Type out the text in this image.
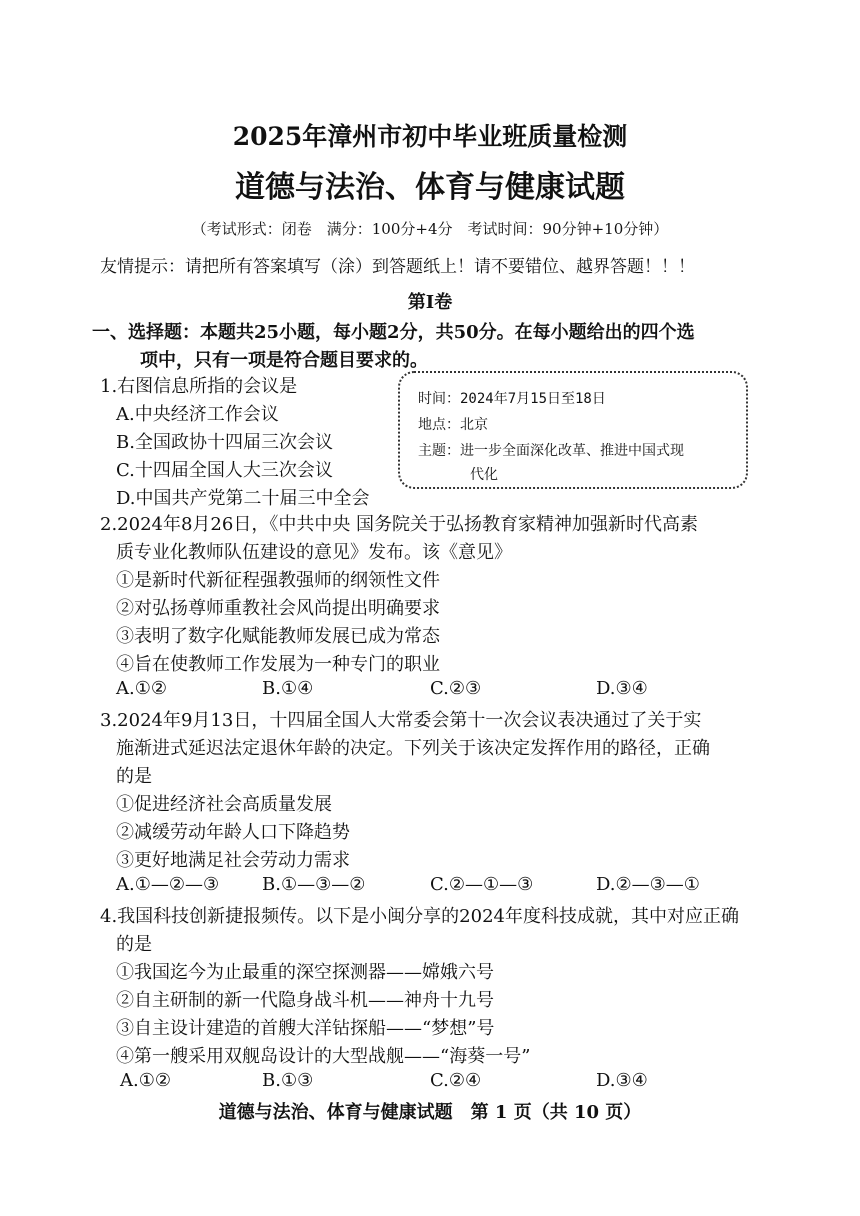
2025年漳州市初中毕业班质量检测
道德与法治、体育与健康试题
（考试形式：闭卷　满分：100分+4分　考试时间：90分钟+10分钟）
友情提示：请把所有答案填写（涂）到答题纸上！请不要错位、越界答题！！！
第Ⅰ卷
一、选择题：本题共25小题，每小题2分，共50分。在每小题给出的四个选
项中，只有一项是符合题目要求的。
1.右图信息所指的会议是
A.中央经济工作会议
B.全国政协十四届三次会议
C.十四届全国人大三次会议
D.中国共产党第二十届三中全会
时间：2024年7月15日至18日
地点：北京
主题：进一步全面深化改革、推进中国式现
代化
2.2024年8月26日，《中共中央 国务院关于弘扬教育家精神加强新时代高素
质专业化教师队伍建设的意见》发布。该《意见》
①是新时代新征程强教强师的纲领性文件
②对弘扬尊师重教社会风尚提出明确要求
③表明了数字化赋能教师发展已成为常态
④旨在使教师工作发展为一种专门的职业
A.①②	B.①④	C.②③	D.③④
3.2024年9月13日，十四届全国人大常委会第十一次会议表决通过了关于实
施渐进式延迟法定退休年龄的决定。下列关于该决定发挥作用的路径，正确
的是
①促进经济社会高质量发展
②减缓劳动年龄人口下降趋势
③更好地满足社会劳动力需求
A.①—②—③ B.①—③—②	C.②—①—③	D.②—③—①
4.我国科技创新捷报频传。以下是小闽分享的2024年度科技成就，其中对应正确
的是
①我国迄今为止最重的深空探测器——嫦娥六号
②自主研制的新一代隐身战斗机——神舟十九号
③自主设计建造的首艘大洋钻探船——“梦想”号
④第一艘采用双舰岛设计的大型战舰——“海葵一号”
A.①②	B.①③	C.②④	D.③④
道德与法治、体育与健康试题　第 1 页（共 10 页）
